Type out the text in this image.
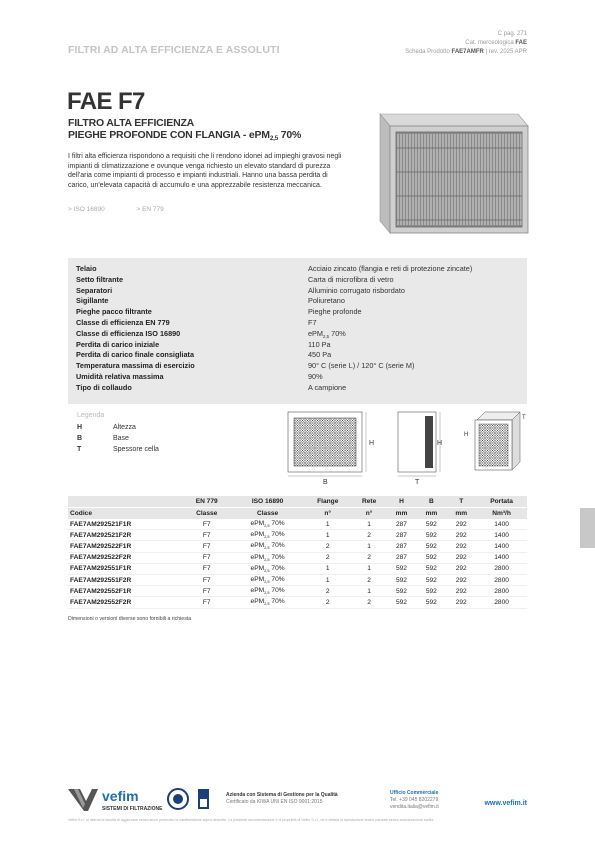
C pag. 271
Cat. merceologica FAE
Scheda Prodotto FAE7AMFR | rev. 2025 APR
FILTRI AD ALTA EFFICIENZA E ASSOLUTI
FAE F7
FILTRO ALTA EFFICIENZA
PIEGHE PROFONDE CON FLANGIA - ePM$_{2,5}$ 70%
I filtri alta efficienza rispondono a requisiti che li rendono idonei ad impieghi gravosi negli impianti di climatizzazione e ovunque venga richiesto un elevato standard di purezza dell'aria come impianti di processo e impianti industriali. Hanno una bassa perdita di carico, un'elevata capacità di accumulo e una apprezzabile resistenza meccanica.
> ISO 16890	> EN 779
Telaio	Acciaio zincato (flangia e reti di protezione zincate)
Setto filtrante	Carta di microfibra di vetro
Separatori	Alluminio corrugato risbordato
Sigillante	Poliuretano
Pieghe pacco filtrante	Pieghe profonde
Classe di efficienza EN 779	F7
Classe di efficienza ISO 16890	ePM$_{2,5}$ 70%
Perdita di carico iniziale	110 Pa
Perdita di carico finale consigliata	450 Pa
Temperatura massima di esercizio	90° C (serie L) / 120° C (serie M)
Umidità relativa massima	90%
Tipo di collaudo	A campione
Legenda
H	Altezza
B	Base
T	Spessore cella
H
B
H
T
H
T
	EN 779	ISO 16890	Flange	Rete	H	B	T	Portata
Codice	Classe	Classe	n°	n°	mm	mm	mm	Nm³/h
FAE7AM292521F1R	F7	ePM$_{2,5}$ 70%	1	1	287	592	292	1400
FAE7AM292521F2R	F7	ePM$_{2,5}$ 70%	1	2	287	592	292	1400
FAE7AM292522F1R	F7	ePM$_{2,5}$ 70%	2	1	287	592	292	1400
FAE7AM292522F2R	F7	ePM$_{2,5}$ 70%	2	2	287	592	292	1400
FAE7AM292551F1R	F7	ePM$_{2,5}$ 70%	1	1	592	592	292	2800
FAE7AM292551F2R	F7	ePM$_{2,5}$ 70%	1	2	592	592	292	2800
FAE7AM292552F1R	F7	ePM$_{2,5}$ 70%	2	1	592	592	292	2800
FAE7AM292552F2R	F7	ePM$_{2,5}$ 70%	2	2	592	592	292	2800
Dimensioni o versioni diverse sono fornibili a richiesta
vefim
SISTEMI DI FILTRAZIONE
Azienda con Sistema di Gestione per la Qualità
Certificato da KIWA UNI EN ISO 9001:2015
Ufficio Commerciale
Tel. +39 045 8202279
vendita.italia@vefim.it	www.vefim.it
Vefim S.r.l. si riserva la facoltà di aggiornare senza alcun preavviso le caratteristiche sopra descritte. La presente documentazione è di proprietà di Vefim S.r.l., ne è vietata la riproduzione anche parziale senza autorizzazione scritta.
